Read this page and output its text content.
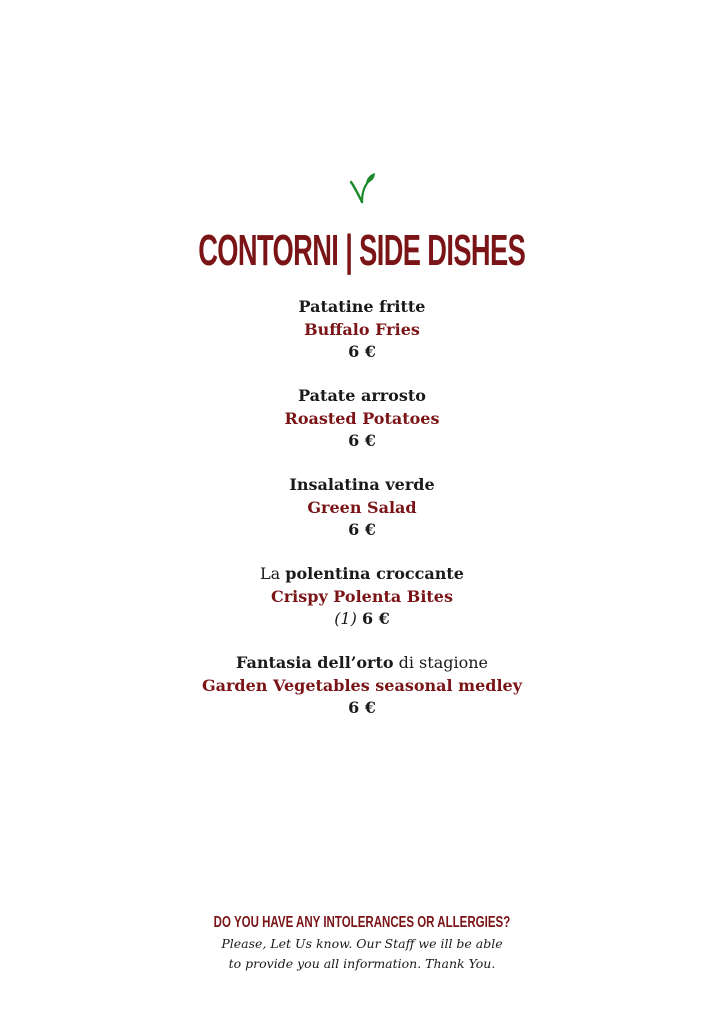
CONTORNI | SIDE DISHES
Patatine fritte
Buffalo Fries
6 €
Patate arrosto
Roasted Potatoes
6 €
Insalatina verde
Green Salad
6 €
La polentina croccante
Crispy Polenta Bites
(1) 6 €
Fantasia dell’orto di stagione
Garden Vegetables seasonal medley
6 €
DO YOU HAVE ANY INTOLERANCES OR ALLERGIES?
Please, Let Us know. Our Staff we ill be able
to provide you all information. Thank You.
